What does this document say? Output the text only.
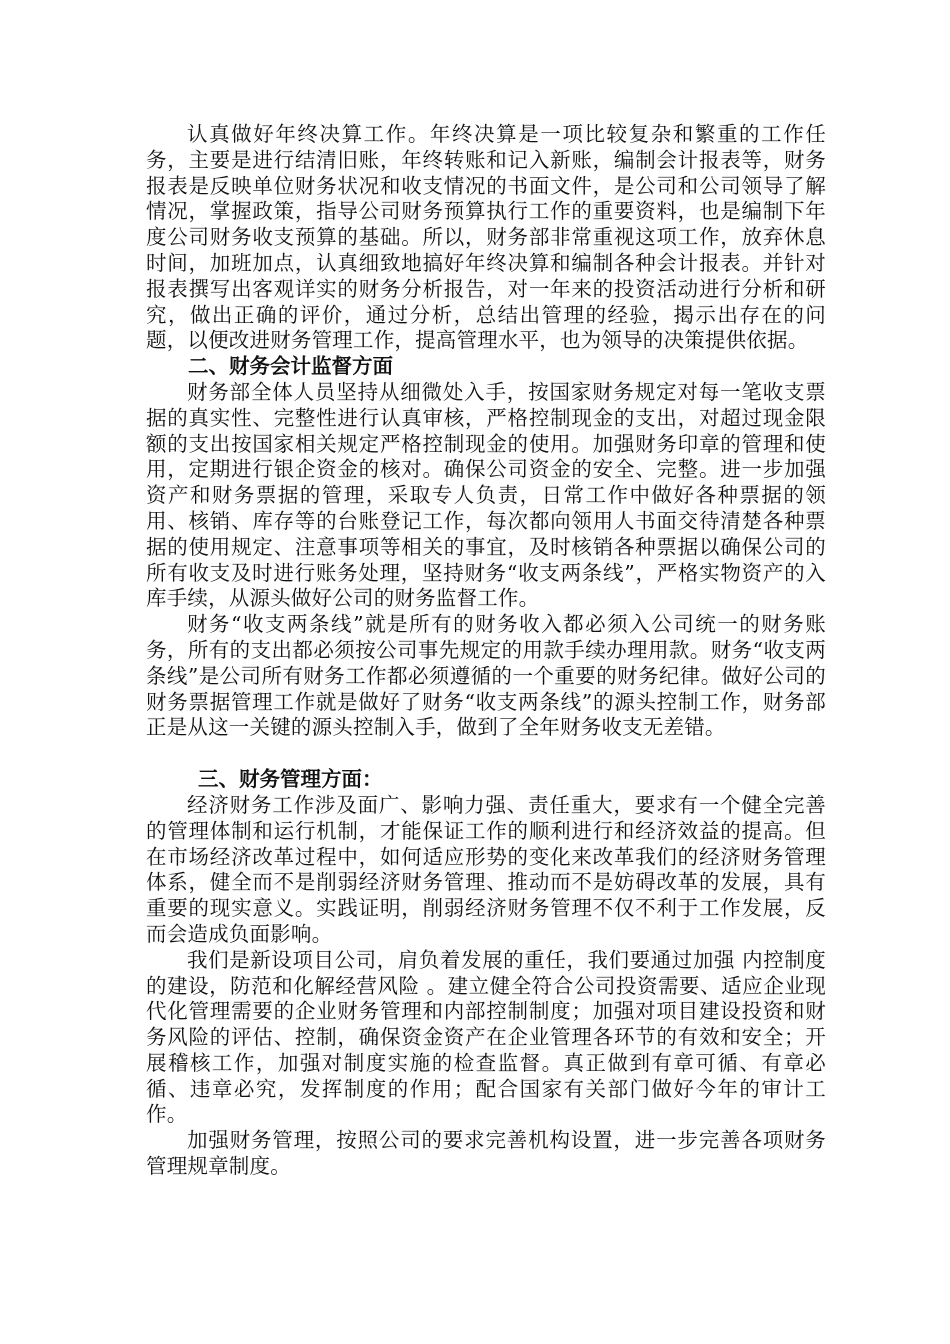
认真做好年终决算工作。年终决算是一项比较复杂和繁重的工作任务，主要是进行结清旧账，年终转账和记入新账，编制会计报表等，财务报表是反映单位财务状况和收支情况的书面文件，是公司和公司领导了解情况，掌握政策，指导公司财务预算执行工作的重要资料，也是编制下年度公司财务收支预算的基础。所以，财务部非常重视这项工作，放弃休息时间，加班加点，认真细致地搞好年终决算和编制各种会计报表。并针对报表撰写出客观详实的财务分析报告，对一年来的投资活动进行分析和研究，做出正确的评价，通过分析，总结出管理的经验，揭示出存在的问题，以便改进财务管理工作，提高管理水平，也为领导的决策提供依据。

二、财务会计监督方面

财务部全体人员坚持从细微处入手，按国家财务规定对每一笔收支票据的真实性、完整性进行认真审核，严格控制现金的支出，对超过现金限额的支出按国家相关规定严格控制现金的使用。加强财务印章的管理和使用，定期进行银企资金的核对。确保公司资金的安全、完整。进一步加强资产和财务票据的管理，采取专人负责，日常工作中做好各种票据的领用、核销、库存等的台账登记工作，每次都向领用人书面交待清楚各种票据的使用规定、注意事项等相关的事宜，及时核销各种票据以确保公司的所有收支及时进行账务处理，坚持财务“收支两条线”，严格实物资产的入库手续，从源头做好公司的财务监督工作。

财务“收支两条线”就是所有的财务收入都必须入公司统一的财务账务，所有的支出都必须按公司事先规定的用款手续办理用款。财务“收支两条线”是公司所有财务工作都必须遵循的一个重要的财务纪律。做好公司的财务票据管理工作就是做好了财务“收支两条线”的源头控制工作，财务部正是从这一关键的源头控制入手，做到了全年财务收支无差错。

三、财务管理方面：

经济财务工作涉及面广、影响力强、责任重大，要求有一个健全完善的管理体制和运行机制，才能保证工作的顺利进行和经济效益的提高。但在市场经济改革过程中，如何适应形势的变化来改革我们的经济财务管理体系，健全而不是削弱经济财务管理、推动而不是妨碍改革的发展，具有重要的现实意义。实践证明，削弱经济财务管理不仅不利于工作发展，反而会造成负面影响。

我们是新设项目公司，肩负着发展的重任，我们要通过加强 内控制度的建设，防范和化解经营风险 。建立健全符合公司投资需要、适应企业现代化管理需要的企业财务管理和内部控制制度；加强对项目建设投资和财务风险的评估、控制，确保资金资产在企业管理各环节的有效和安全；开展稽核工作，加强对制度实施的检查监督。真正做到有章可循、有章必循、违章必究，发挥制度的作用；配合国家有关部门做好今年的审计工作。

加强财务管理，按照公司的要求完善机构设置，进一步完善各项财务管理规章制度。
